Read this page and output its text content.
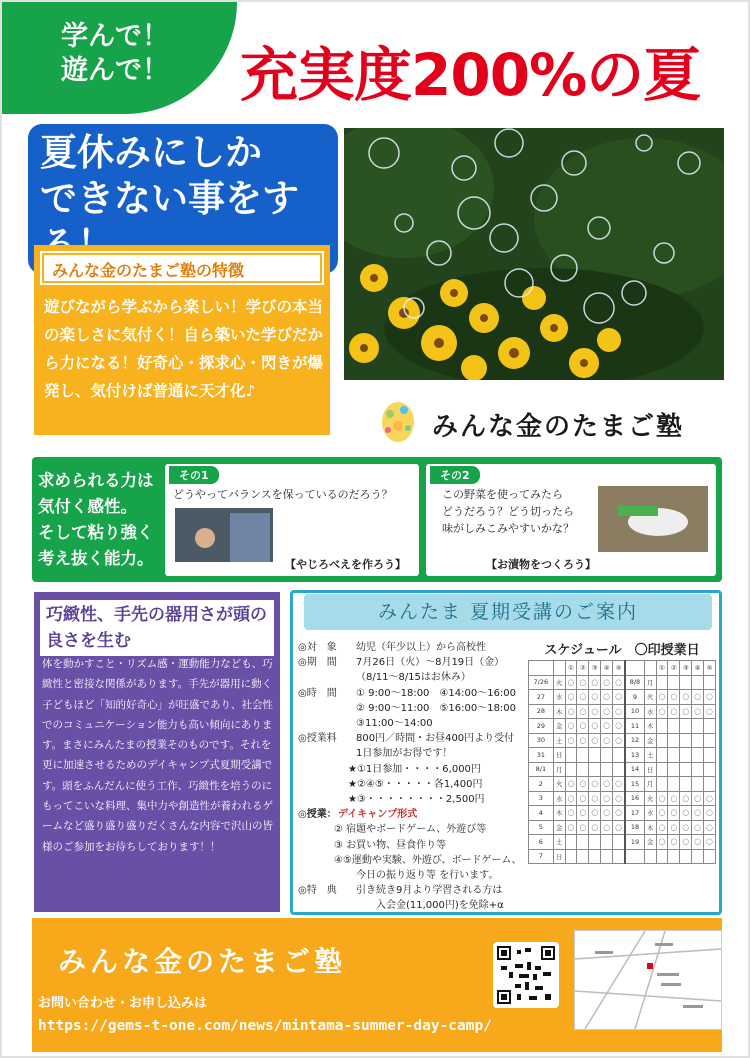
学んで！
遊んで！	充実度200%の夏
夏休みにしか
できない事をす
みんな金のたまご塾の特徴
遊びながら学ぶから楽しい！学びの本当の楽しさに気付く！自ら築いた学びだから力になる！好奇心・探求心・閃きが爆発し、気付けば普通に天才化♪
みんな金のたまご塾
求められる力は
気付く感性。
そして粘り強く
考え抜く能力。
その1
どうやってバランスを保っているのだろう？
【やじろべえを作ろう】
その2
この野菜を使ってみたら
どうだろう？どう切ったら
味がしみこみやすいかな？
【お漬物をつくろう】
巧緻性、手先の器用さが頭の良さを生む
体を動かすこと・リズム感・運動能力なども、巧緻性と密接な関係があります。手先が器用に動く子どもほど「知的好奇心」が旺盛であり、社会性でのコミュニケーション能力も高い傾向にあります。まさにみんたまの授業そのものです。それを更に加速させるためのデイキャンプ式夏期受講です。頭をふんだんに使う工作、巧緻性を培うのにもってこいな料理、集中力や創造性が養われるゲームなど盛り盛り盛りだくさんな内容で沢山の皆様のご参加をお待ちしております！！
みんたま 夏期受講のご案内
◎対　象	幼児（年少以上）から高校性
◎期　間	7月26日（火）～8月19日（金）
（8/11～8/15はお休み）
◎時　間	① 9:00～18:00　④14:00～16:00
② 9:00～11:00　⑤16:00～18:00
③11:00～14:00
◎授業料	800円／時間・お昼400円より受付
1日参加がお得です！
★①1日参加・・・・6,000円
★②④⑤・・・・・各1,400円
★③・・・・・・・・2,500円
◎授業： デイキャンプ形式
② 宿題やボードゲーム、外遊び等
③ お買い物、昼食作り等
④⑤運動や実験、外遊び、ボードゲーム、
今日の振り返り等 を行います。
◎特　典	引き続き9月より学習される方は
入会金(11,000円)を免除+α
スケジュール　〇印授業日
		①	②	③	④	⑤			①	②	③	④	⑤
7/26	火	〇	〇	〇	〇	〇	8/8	月					
27	水	〇	〇	〇	〇	〇	9	火	〇	〇	〇	〇	〇
28	木	〇	〇	〇	〇	〇	10	水	〇	〇	〇	〇	〇
29	金	〇	〇	〇	〇	〇	11	木					
30	土	〇	〇	〇	〇	〇	12	金					
31	日						13	土					
8/1	月						14	日					
2	火	〇	〇	〇	〇	〇	15	月					
3	水	〇	〇	〇	〇	〇	16	火	〇	〇	〇	〇	〇
4	木	〇	〇	〇	〇	〇	17	水	〇	〇	〇	〇	〇
5	金	〇	〇	〇	〇	〇	18	木	〇	〇	〇	〇	〇
6	土						19	金	〇	〇	〇	〇	〇
7	日												
みんな金のたまご塾
お問い合わせ・お申し込みは
https://gems-t-one.com/news/mintama-summer-day-camp/
